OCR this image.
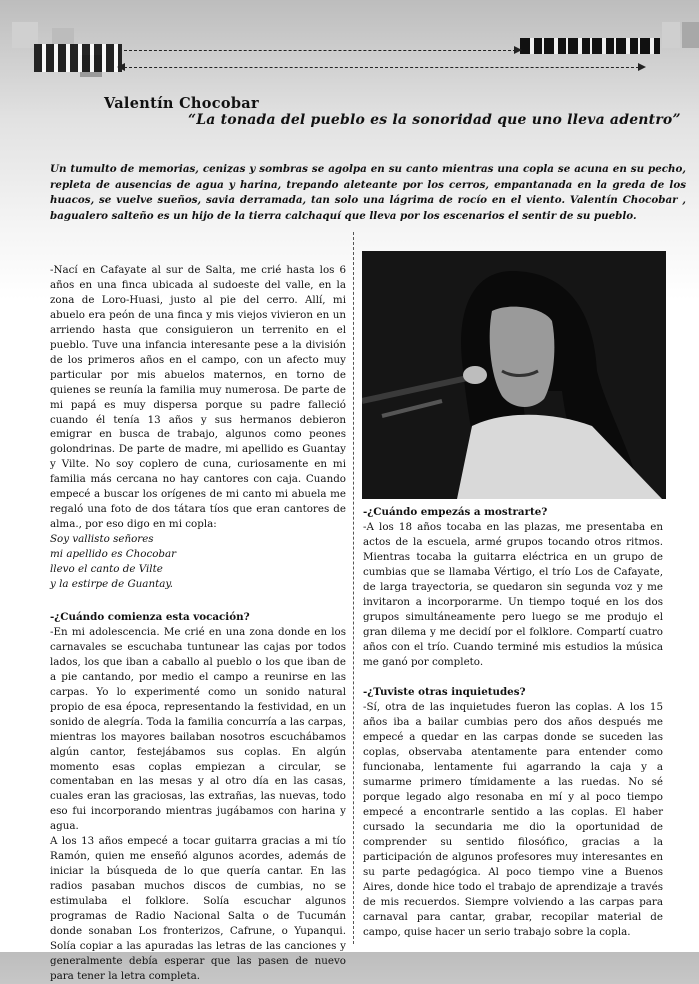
Valentín Chocobar
“La tonada del pueblo es la sonoridad que uno lleva adentro”
Un tumulto de memorias, cenizas y sombras se agolpa en su canto mientras una copla se acuna en su pecho, repleta de ausencias de agua y harina, trepando aleteante por los cerros, empantanada en la greda de los huacos, se vuelve sueños, savia derramada, tan solo una lágrima de rocío en el viento. Valentín Chocobar , bagualero salteño es un hijo de la tierra calchaquí que lleva por los escenarios el sentir de su pueblo.

-Nací en Cafayate al sur de Salta, me crié hasta los 6 años en una finca ubicada al sudoeste del valle, en la zona de Loro-Huasi, justo al pie del cerro. Allí, mi abuelo era peón de una finca y mis viejos vivieron en un arriendo hasta que consiguieron un terrenito en el pueblo. Tuve una infancia interesante pese a la división de los primeros años en el campo, con un afecto muy particular por mis abuelos maternos, en torno de quienes se reunía la familia muy numerosa. De parte de mi papá es muy dispersa porque su padre falleció cuando él tenía 13 años y sus hermanos debieron emigrar en busca de trabajo, algunos como peones golondrinas. De parte de madre, mi apellido es Guantay y Vilte. No soy coplero de cuna, curiosamente en mi familia más cercana no hay cantores con caja. Cuando empecé a buscar los orígenes de mi canto mi abuela me regaló una foto de dos tátara tíos que eran cantores de alma., por eso digo en mi copla:

Soy vallisto señores

mi apellido es Chocobar

llevo el canto de Vilte

y la estirpe de Guantay.

-¿Cuándo comienza esta vocación?

-En mi adolescencia. Me crié en una zona donde en los carnavales se escuchaba tuntunear las cajas por todos lados, los que iban a caballo al pueblo o los que iban de a pie cantando, por medio el campo a reunirse en las carpas. Yo lo experimenté como un sonido natural propio de esa época, representando la festividad, en un sonido de alegría. Toda la familia concurría a las carpas, mientras los mayores bailaban nosotros escuchábamos algún cantor, festejábamos sus coplas. En algún momento esas coplas empiezan a circular, se comentaban en las mesas y al otro día en las casas, cuales eran las graciosas, las extrañas, las nuevas, todo eso fui incorporando mientras jugábamos con harina y agua.

A los 13 años empecé a tocar guitarra gracias a mi tío Ramón, quien me enseñó algunos acordes, además de iniciar la búsqueda de lo que quería cantar. En las radios pasaban muchos discos de cumbias, no se estimulaba el folklore. Solía escuchar algunos programas de Radio Nacional Salta o de Tucumán donde sonaban Los fronterizos, Cafrune, o Yupanqui. Solía copiar a las apuradas las letras de las canciones y generalmente debía esperar que las pasen de nuevo para tener la letra completa.

-¿Cuándo empezás a mostrarte?

-A los 18 años tocaba en las plazas, me presentaba en actos de la escuela, armé grupos tocando otros ritmos. Mientras tocaba la guitarra eléctrica en un grupo de cumbias que se llamaba Vértigo, el trío Los de Cafayate, de larga trayectoria, se quedaron sin segunda voz y me invitaron a incorporarme. Un tiempo toqué en los dos grupos simultáneamente pero luego se me produjo el gran dilema y me decidí por el folklore. Compartí cuatro años con el trío. Cuando terminé mis estudios la música me ganó por completo.

-¿Tuviste otras inquietudes?

-Sí, otra de las inquietudes fueron las coplas. A los 15 años iba a bailar cumbias pero dos años después me empecé a quedar en las carpas donde se suceden las coplas, observaba atentamente para entender como funcionaba, lentamente fui agarrando la caja y a sumarme primero tímidamente a las ruedas. No sé porque legado algo resonaba en mí y al poco tiempo empecé a encontrarle sentido a las coplas. El haber cursado la secundaria me dio la oportunidad de comprender su sentido filosófico, gracias a la participación de algunos profesores muy interesantes en su parte pedagógica. Al poco tiempo vine a Buenos Aires, donde hice todo el trabajo de aprendizaje a través de mis recuerdos. Siempre volviendo a las carpas para carnaval para cantar, grabar, recopilar material de campo, quise hacer un serio trabajo sobre la copla.
